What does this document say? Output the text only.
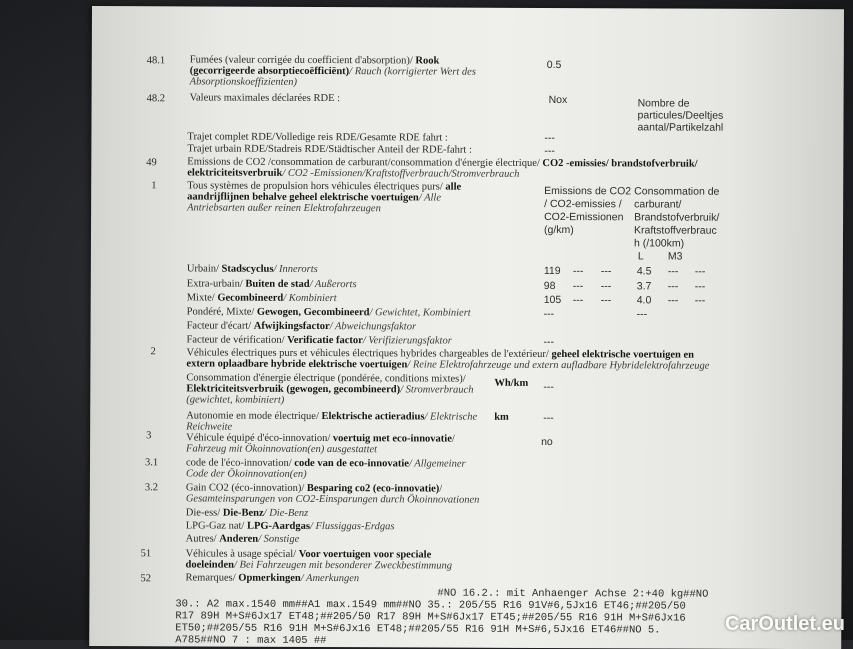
48.1 Fumées (valeur corrigée du coefficient d'absorption)/ Rook
(gecorrigeerde absorptiecoëfficiënt)/ Rauch (korrigierter Wert des
Absorptionskoeffizienten)
0.5
48.2 Valeurs maximales déclarées RDE :	Nox	Nombre de
particules/Deeltjes
aantal/Partikelzahl
Trajet complet RDE/Volledige reis RDE/Gesamte RDE fahrt :	---
Trajet urbain RDE/Stadreis RDE/Städtischer Anteil der RDE-fahrt :	---
49	Emissions de CO2 /consommation de carburant/consommation d'énergie électrique/ CO2 -emissies/ brandstofverbruik/
elektriciteitsverbruik/ CO2 -Emissionen/Kraftstoffverbrauch/Stromverbrauch
1	Tous systèmes de propulsion hors véhicules électriques purs/ alle
aandrijflijnen behalve geheel elektrische voertuigen/ Alle
Antriebsarten außer reinen Elektrofahrzeugen
Emissions de CO2
/ CO2-emissies /
CO2-Emissionen
(g/km)
Consommation de
carburant/
Brandstofverbruik/
Kraftstoffverbrauc
h (/100km)
L M3
Urbain/ Stadscyclus/ Innerorts	119 --- --- 4.5 --- ---
Extra-urbain/ Buiten de stad/ Außerorts	98 --- --- 3.7 --- ---
Mixte/ Gecombineerd/ Kombiniert	105 --- --- 4.0 --- ---
Pondéré, Mixte/ Gewogen, Gecombineerd/ Gewichtet, Kombiniert	---	---
Facteur d'écart/ Afwijkingsfactor/ Abweichungsfaktor
Facteur de vérification/ Verificatie factor/ Verifizierungsfaktor	---
2	Véhicules électriques purs et véhicules électriques hybrides chargeables de l'extérieur/ geheel elektrische voertuigen en
extern oplaadbare hybride elektrische voertuigen/ Reine Elektrofahrzeuge und extern aufladbare Hybridelektrofahrzeuge
Consommation d'énergie électrique (pondérée, conditions mixtes)/
Elektriciteitsverbruik (gewogen, gecombineerd)/ Stromverbrauch
(gewichtet, kombiniert)
Wh/km ---
Autonomie en mode électrique/ Elektrische actieradius/ Elektrische
Reichweite
km	---
3	Véhicule équipé d'éco-innovation/ voertuig met eco-innovatie/
Fahrzeug mit Ökoinnovation(en) ausgestattet
no
3.1	code de l'éco-innovation/ code van de eco-innovatie/ Allgemeiner
Code der Ökoinnovation(en)
3.2	Gain CO2 (éco-innovation)/ Besparing co2 (eco-innovatie)/
Gesamteinsparungen von CO2-Einsparungen durch Ökoinnovationen
Die-ess/ Die-Benz/ Die-Benz
LPG-Gaz nat/ LPG-Aardgas/ Flussiggas-Erdgas
Autres/ Anderen/ Sonstige
51	Véhicules à usage spécial/ Voor voertuigen voor speciale
doeleinden/ Bei Fahrzeugen mit besonderer Zweckbestimmung
52	Remarques/ Opmerkingen/ Amerkungen
#NO 16.2.: mit Anhaenger Achse 2:+40 kg##NO
30.: A2 max.1540 mm##A1 max.1549 mm##NO 35.: 205/55 R16 91V#6,5Jx16 ET46;##205/50
R17 89H M+S#6Jx17 ET48;##205/50 R17 89H M+S#6Jx17 ET45;##205/55 R16 91H M+S#6Jx16
ET50;##205/55 R16 91H M+S#6Jx16 ET48;##205/55 R16 91H M+S#6,5Jx16 ET46##NO 5.
A785##NO 7 : max 1405 ##
CarOutlet.eu
